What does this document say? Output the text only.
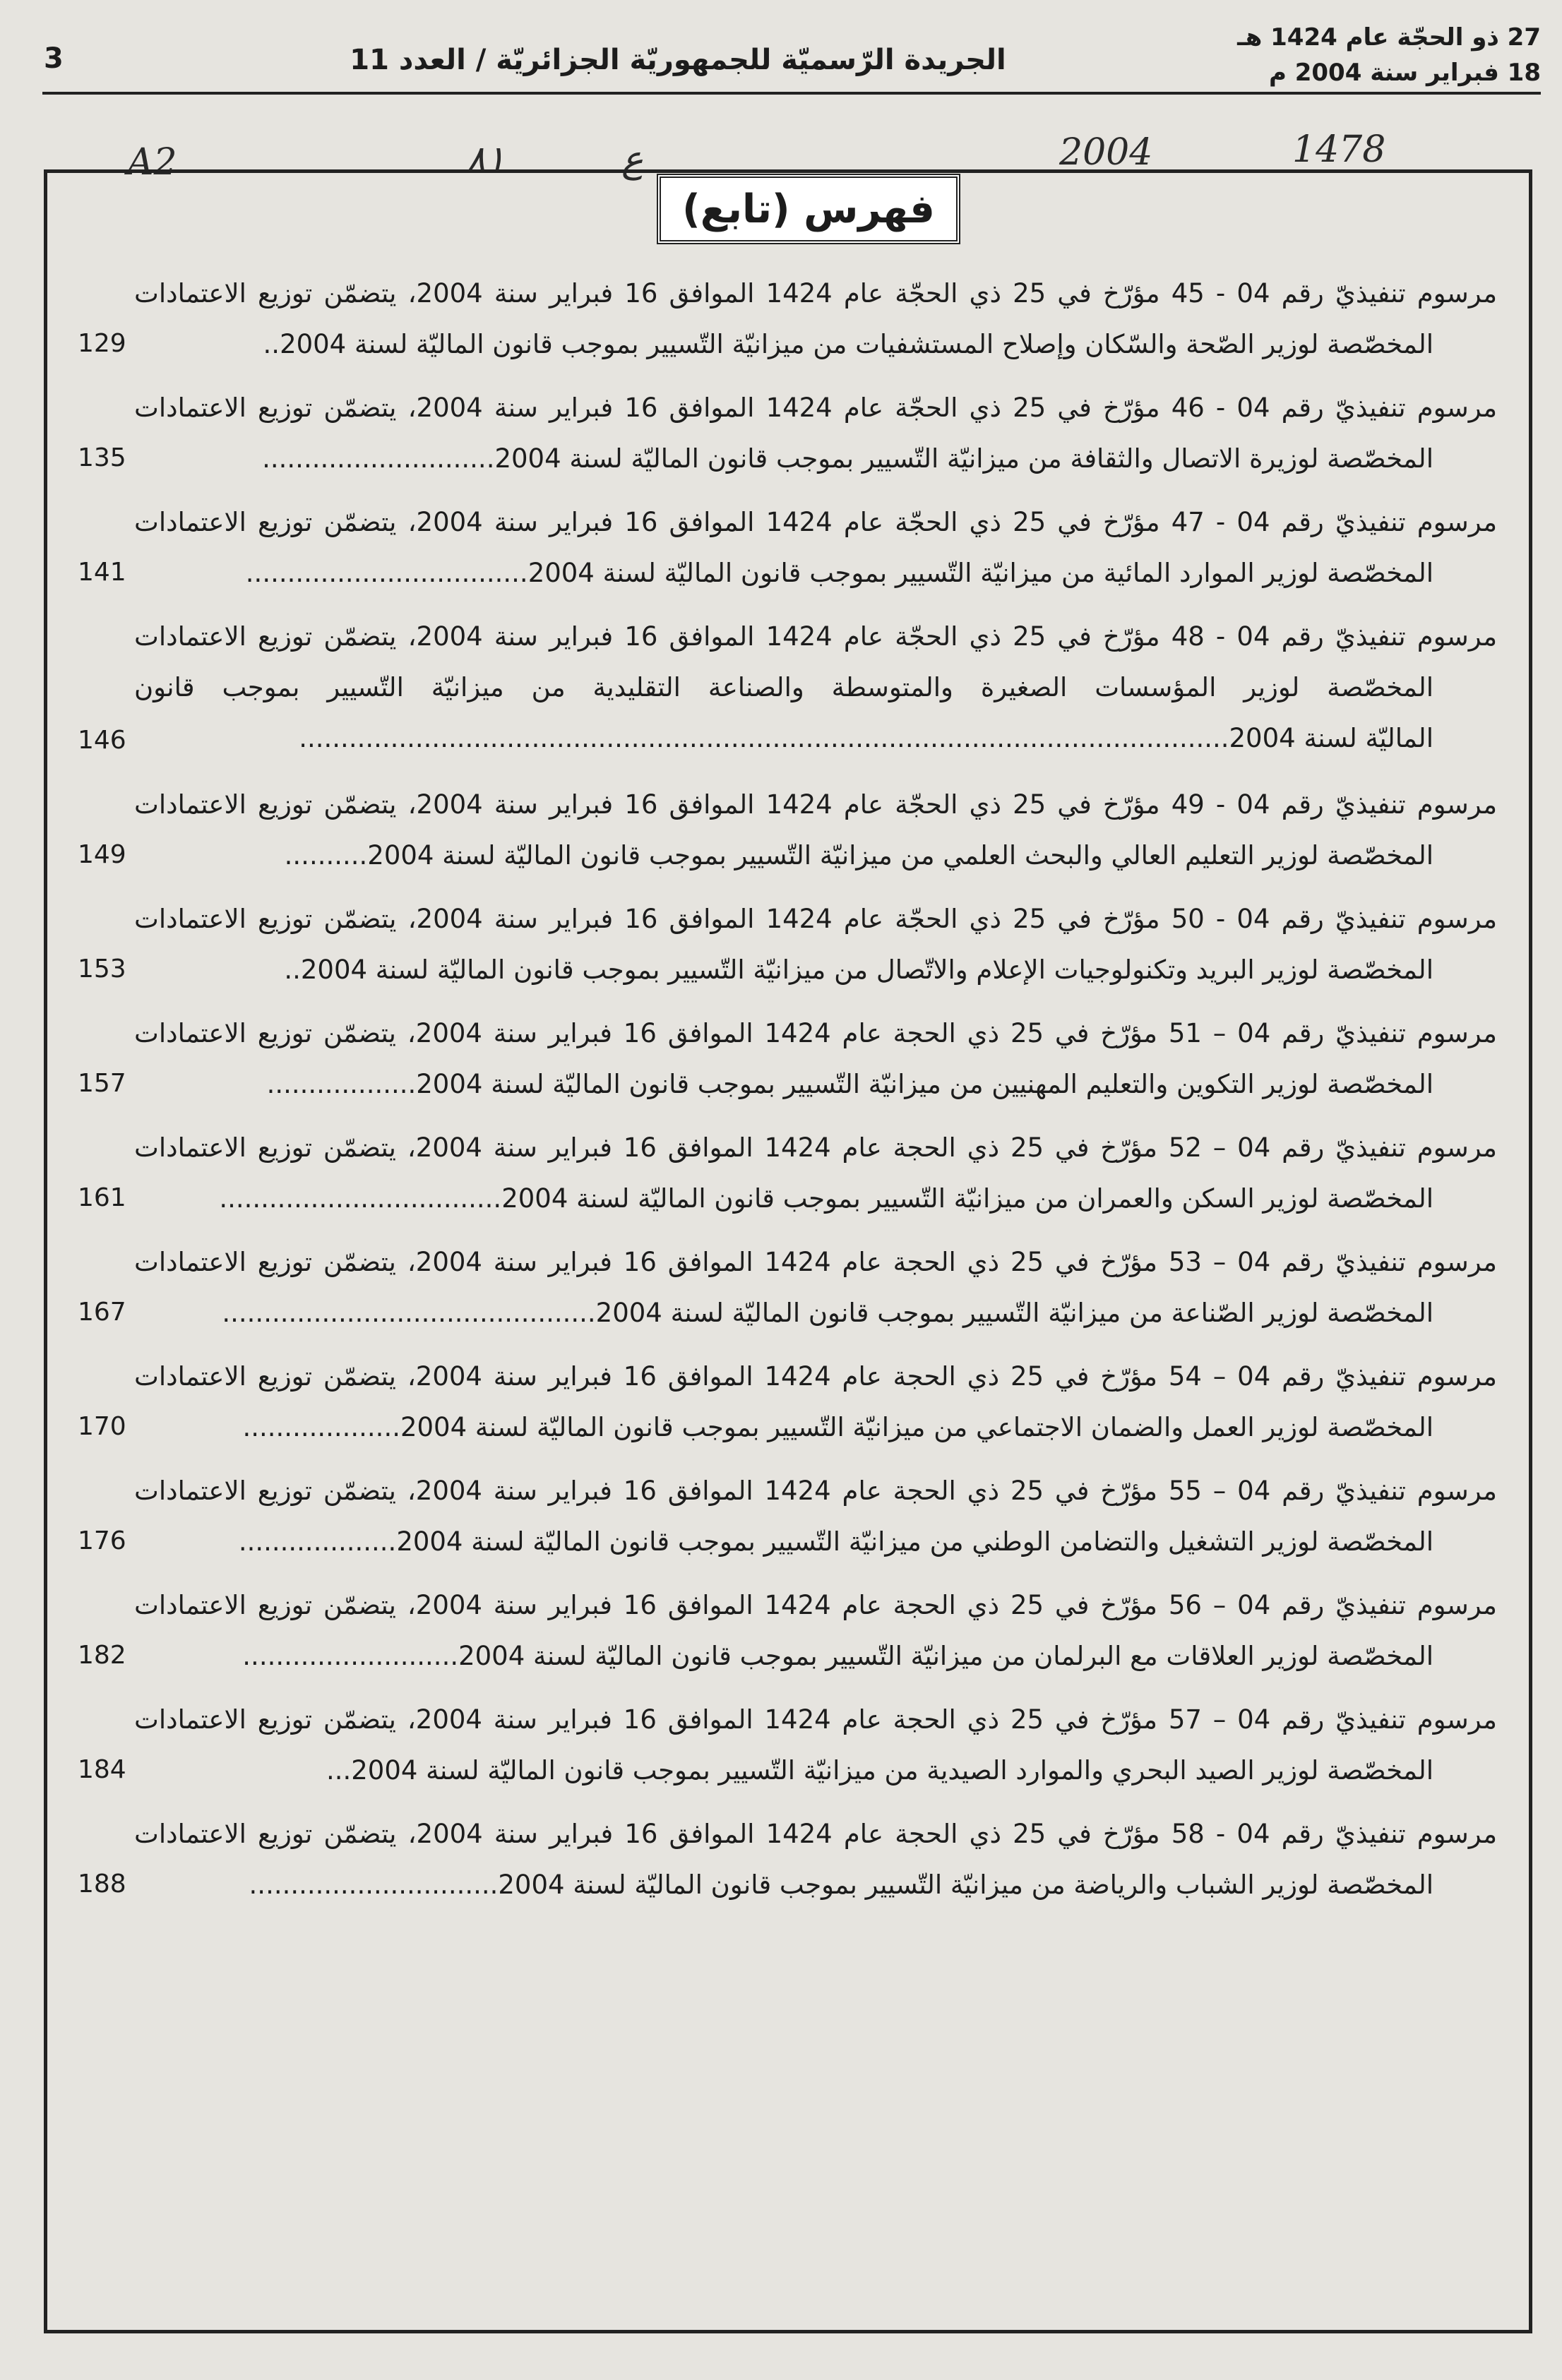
27 ذو الحجّة عام 1424 هـ
18 فبراير سنة 2004 م
الجريدة الرّسميّة للجمهوريّة الجزائريّة / العدد 11
3
A2	٨١	ع	2004	1478
فهرس (تابع)
مرسوم تنفيذيّ رقم 04 - 45 مؤرّخ في 25 ذي الحجّة عام 1424 الموافق 16 فبراير سنة 2004، يتضمّن توزيع الاعتمادات
المخصّصة لوزير الصّحة والسّكان وإصلاح المستشفيات من ميزانيّة التّسيير بموجب قانون الماليّة لسنة 2004..
129
مرسوم تنفيذيّ رقم 04 - 46 مؤرّخ في 25 ذي الحجّة عام 1424 الموافق 16 فبراير سنة 2004، يتضمّن توزيع الاعتمادات
المخصّصة لوزيرة الاتصال والثقافة من ميزانيّة التّسيير بموجب قانون الماليّة لسنة 2004............................
135
مرسوم تنفيذيّ رقم 04 - 47 مؤرّخ في 25 ذي الحجّة عام 1424 الموافق 16 فبراير سنة 2004، يتضمّن توزيع الاعتمادات
المخصّصة لوزير الموارد المائية من ميزانيّة التّسيير بموجب قانون الماليّة لسنة 2004..................................
141
مرسوم تنفيذيّ رقم 04 - 48 مؤرّخ في 25 ذي الحجّة عام 1424 الموافق 16 فبراير سنة 2004، يتضمّن توزيع الاعتمادات
المخصّصة لوزير المؤسسات الصغيرة والمتوسطة والصناعة التقليدية من ميزانيّة التّسيير بموجب قانون
الماليّة لسنة 2004................................................................................................................
146
مرسوم تنفيذيّ رقم 04 - 49 مؤرّخ في 25 ذي الحجّة عام 1424 الموافق 16 فبراير سنة 2004، يتضمّن توزيع الاعتمادات
المخصّصة لوزير التعليم العالي والبحث العلمي من ميزانيّة التّسيير بموجب قانون الماليّة لسنة 2004..........
149
مرسوم تنفيذيّ رقم 04 - 50 مؤرّخ في 25 ذي الحجّة عام 1424 الموافق 16 فبراير سنة 2004، يتضمّن توزيع الاعتمادات
المخصّصة لوزير البريد وتكنولوجيات الإعلام والاتّصال من ميزانيّة التّسيير بموجب قانون الماليّة لسنة 2004..
153
مرسوم تنفيذيّ رقم 04 – 51 مؤرّخ في 25 ذي الحجة عام 1424 الموافق 16 فبراير سنة 2004، يتضمّن توزيع الاعتمادات
المخصّصة لوزير التكوين والتعليم المهنيين من ميزانيّة التّسيير بموجب قانون الماليّة لسنة 2004..................
157
مرسوم تنفيذيّ رقم 04 – 52 مؤرّخ في 25 ذي الحجة عام 1424 الموافق 16 فبراير سنة 2004، يتضمّن توزيع الاعتمادات
المخصّصة لوزير السكن والعمران من ميزانيّة التّسيير بموجب قانون الماليّة لسنة 2004..................................
161
مرسوم تنفيذيّ رقم 04 – 53 مؤرّخ في 25 ذي الحجة عام 1424 الموافق 16 فبراير سنة 2004، يتضمّن توزيع الاعتمادات
المخصّصة لوزير الصّناعة من ميزانيّة التّسيير بموجب قانون الماليّة لسنة 2004.............................................
167
مرسوم تنفيذيّ رقم 04 – 54 مؤرّخ في 25 ذي الحجة عام 1424 الموافق 16 فبراير سنة 2004، يتضمّن توزيع الاعتمادات
المخصّصة لوزير العمل والضمان الاجتماعي من ميزانيّة التّسيير بموجب قانون الماليّة لسنة 2004...................
170
مرسوم تنفيذيّ رقم 04 – 55 مؤرّخ في 25 ذي الحجة عام 1424 الموافق 16 فبراير سنة 2004، يتضمّن توزيع الاعتمادات
المخصّصة لوزير التشغيل والتضامن الوطني من ميزانيّة التّسيير بموجب قانون الماليّة لسنة 2004...................
176
مرسوم تنفيذيّ رقم 04 – 56 مؤرّخ في 25 ذي الحجة عام 1424 الموافق 16 فبراير سنة 2004، يتضمّن توزيع الاعتمادات
المخصّصة لوزير العلاقات مع البرلمان من ميزانيّة التّسيير بموجب قانون الماليّة لسنة 2004..........................
182
مرسوم تنفيذيّ رقم 04 – 57 مؤرّخ في 25 ذي الحجة عام 1424 الموافق 16 فبراير سنة 2004، يتضمّن توزيع الاعتمادات
المخصّصة لوزير الصيد البحري والموارد الصيدية من ميزانيّة التّسيير بموجب قانون الماليّة لسنة 2004...
184
مرسوم تنفيذيّ رقم 04 - 58 مؤرّخ في 25 ذي الحجة عام 1424 الموافق 16 فبراير سنة 2004، يتضمّن توزيع الاعتمادات
المخصّصة لوزير الشباب والرياضة من ميزانيّة التّسيير بموجب قانون الماليّة لسنة 2004..............................
188
